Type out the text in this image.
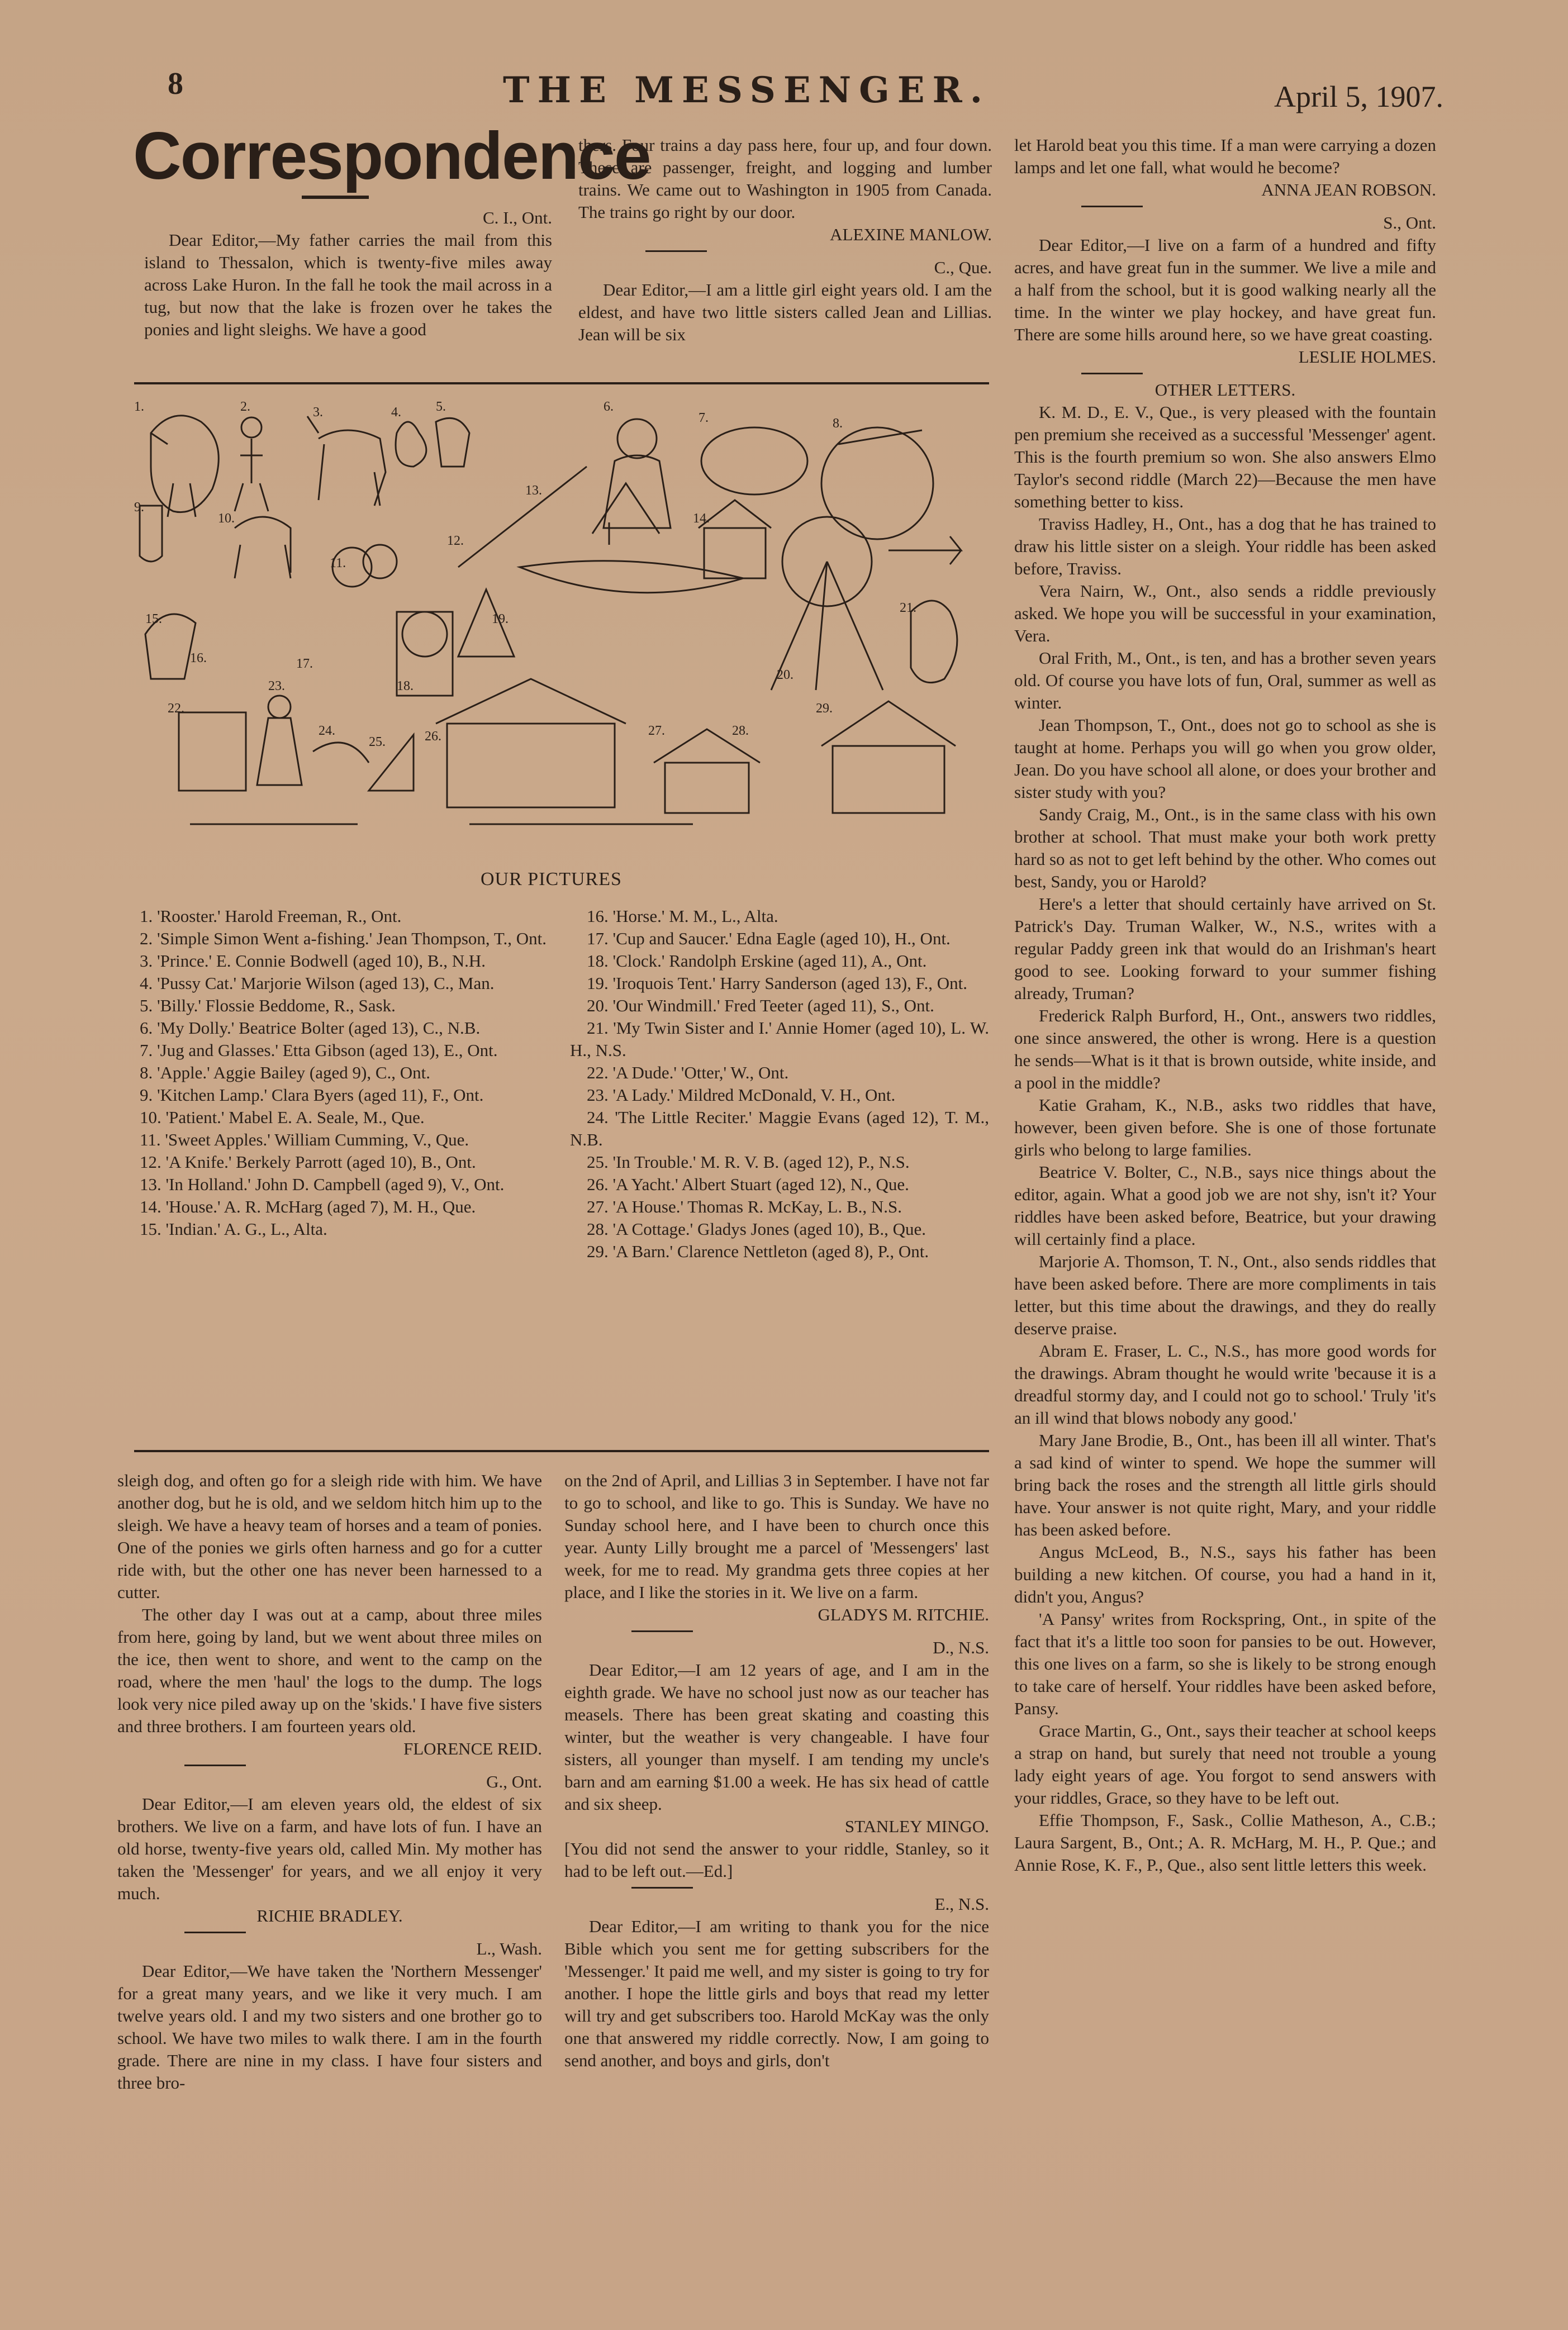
8	THE MESSENGER.	April 5, 1907.
Correspondence

C. I., Ont.

Dear Editor,—My father carries the mail from this island to Thessalon, which is twenty-five miles away across Lake Huron. In the fall he took the mail across in a tug, but now that the lake is frozen over he takes the ponies and light sleighs. We have a good

thers. Four trains a day pass here, four up, and four down. These are passenger, freight, and logging and lumber trains. We came out to Washington in 1905 from Canada. The trains go right by our door.

ALEXINE MANLOW.

C., Que.

Dear Editor,—I am a little girl eight years old. I am the eldest, and have two little sisters called Jean and Lillias. Jean will be six

let Harold beat you this time. If a man were carrying a dozen lamps and let one fall, what would he become?

ANNA JEAN ROBSON.

S., Ont.

Dear Editor,—I live on a farm of a hundred and fifty acres, and have great fun in the summer. We live a mile and a half from the school, but it is good walking nearly all the time. In the winter we play hockey, and have great fun. There are some hills around here, so we have great coasting.

LESLIE HOLMES.

OTHER LETTERS.

K. M. D., E. V., Que., is very pleased with the fountain pen premium she received as a successful 'Messenger' agent. This is the fourth premium so won. She also answers Elmo Taylor's second riddle (March 22)—Because the men have something better to kiss.

Traviss Hadley, H., Ont., has a dog that he has trained to draw his little sister on a sleigh. Your riddle has been asked before, Traviss.

Vera Nairn, W., Ont., also sends a riddle previously asked. We hope you will be successful in your examination, Vera.

Oral Frith, M., Ont., is ten, and has a brother seven years old. Of course you have lots of fun, Oral, summer as well as winter.

Jean Thompson, T., Ont., does not go to school as she is taught at home. Perhaps you will go when you grow older, Jean. Do you have school all alone, or does your brother and sister study with you?

Sandy Craig, M., Ont., is in the same class with his own brother at school. That must make your both work pretty hard so as not to get left behind by the other. Who comes out best, Sandy, you or Harold?

Here's a letter that should certainly have arrived on St. Patrick's Day. Truman Walker, W., N.S., writes with a regular Paddy green ink that would do an Irishman's heart good to see. Looking forward to your summer fishing already, Truman?

Frederick Ralph Burford, H., Ont., answers two riddles, one since answered, the other is wrong. Here is a question he sends—What is it that is brown outside, white inside, and a pool in the middle?

Katie Graham, K., N.B., asks two riddles that have, however, been given before. She is one of those fortunate girls who belong to large families.

Beatrice V. Bolter, C., N.B., says nice things about the editor, again. What a good job we are not shy, isn't it? Your riddles have been asked before, Beatrice, but your drawing will certainly find a place.

Marjorie A. Thomson, T. N., Ont., also sends riddles that have been asked before. There are more compliments in tais letter, but this time about the drawings, and they do really deserve praise.

Abram E. Fraser, L. C., N.S., has more good words for the drawings. Abram thought he would write 'because it is a dreadful stormy day, and I could not go to school.' Truly 'it's an ill wind that blows nobody any good.'

Mary Jane Brodie, B., Ont., has been ill all winter. That's a sad kind of winter to spend. We hope the summer will bring back the roses and the strength all little girls should have. Your answer is not quite right, Mary, and your riddle has been asked before.

Angus McLeod, B., N.S., says his father has been building a new kitchen. Of course, you had a hand in it, didn't you, Angus?

'A Pansy' writes from Rockspring, Ont., in spite of the fact that it's a little too soon for pansies to be out. However, this one lives on a farm, so she is likely to be strong enough to take care of herself. Your riddles have been asked before, Pansy.

Grace Martin, G., Ont., says their teacher at school keeps a strap on hand, but surely that need not trouble a young lady eight years of age. You forgot to send answers with your riddles, Grace, so they have to be left out.

Effie Thompson, F., Sask., Collie Matheson, A., C.B.; Laura Sargent, B., Ont.; A. R. McHarg, M. H., P. Que.; and Annie Rose, K. F., P., Que., also sent little letters this week.

1.	2.	3.	4.	5.	6.
7.	8.
9.
10.
11.
12.
13.
14.
15.
16.	17.
18.
19.
20.
21.
22.
23.
24.
25.	26.	27.	28.
29.
OUR PICTURES

1. 'Rooster.' Harold Freeman, R., Ont.

2. 'Simple Simon Went a-fishing.' Jean Thompson, T., Ont.

3. 'Prince.' E. Connie Bodwell (aged 10), B., N.H.

4. 'Pussy Cat.' Marjorie Wilson (aged 13), C., Man.

5. 'Billy.' Flossie Beddome, R., Sask.

6. 'My Dolly.' Beatrice Bolter (aged 13), C., N.B.

7. 'Jug and Glasses.' Etta Gibson (aged 13), E., Ont.

8. 'Apple.' Aggie Bailey (aged 9), C., Ont.

9. 'Kitchen Lamp.' Clara Byers (aged 11), F., Ont.

10. 'Patient.' Mabel E. A. Seale, M., Que.

11. 'Sweet Apples.' William Cumming, V., Que.

12. 'A Knife.' Berkely Parrott (aged 10), B., Ont.

13. 'In Holland.' John D. Campbell (aged 9), V., Ont.

14. 'House.' A. R. McHarg (aged 7), M. H., Que.

15. 'Indian.' A. G., L., Alta.

16. 'Horse.' M. M., L., Alta.

17. 'Cup and Saucer.' Edna Eagle (aged 10), H., Ont.

18. 'Clock.' Randolph Erskine (aged 11), A., Ont.

19. 'Iroquois Tent.' Harry Sanderson (aged 13), F., Ont.

20. 'Our Windmill.' Fred Teeter (aged 11), S., Ont.

21. 'My Twin Sister and I.' Annie Homer (aged 10), L. W. H., N.S.

22. 'A Dude.' 'Otter,' W., Ont.

23. 'A Lady.' Mildred McDonald, V. H., Ont.

24. 'The Little Reciter.' Maggie Evans (aged 12), T. M., N.B.

25. 'In Trouble.' M. R. V. B. (aged 12), P., N.S.

26. 'A Yacht.' Albert Stuart (aged 12), N., Que.

27. 'A House.' Thomas R. McKay, L. B., N.S.

28. 'A Cottage.' Gladys Jones (aged 10), B., Que.

29. 'A Barn.' Clarence Nettleton (aged 8), P., Ont.

sleigh dog, and often go for a sleigh ride with him. We have another dog, but he is old, and we seldom hitch him up to the sleigh. We have a heavy team of horses and a team of ponies. One of the ponies we girls often harness and go for a cutter ride with, but the other one has never been harnessed to a cutter.

The other day I was out at a camp, about three miles from here, going by land, but we went about three miles on the ice, then went to shore, and went to the camp on the road, where the men 'haul' the logs to the dump. The logs look very nice piled away up on the 'skids.' I have five sisters and three brothers. I am fourteen years old.

FLORENCE REID.

G., Ont.

Dear Editor,—I am eleven years old, the eldest of six brothers. We live on a farm, and have lots of fun. I have an old horse, twenty-five years old, called Min. My mother has taken the 'Messenger' for years, and we all enjoy it very much.

RICHIE BRADLEY.

L., Wash.

Dear Editor,—We have taken the 'Northern Messenger' for a great many years, and we like it very much. I am twelve years old. I and my two sisters and one brother go to school. We have two miles to walk there. I am in the fourth grade. There are nine in my class. I have four sisters and three bro-

on the 2nd of April, and Lillias 3 in September. I have not far to go to school, and like to go. This is Sunday. We have no Sunday school here, and I have been to church once this year. Aunty Lilly brought me a parcel of 'Messengers' last week, for me to read. My grandma gets three copies at her place, and I like the stories in it. We live on a farm.

GLADYS M. RITCHIE.

D., N.S.

Dear Editor,—I am 12 years of age, and I am in the eighth grade. We have no school just now as our teacher has measels. There has been great skating and coasting this winter, but the weather is very changeable. I have four sisters, all younger than myself. I am tending my uncle's barn and am earning $1.00 a week. He has six head of cattle and six sheep.

STANLEY MINGO.

[You did not send the answer to your riddle, Stanley, so it had to be left out.—Ed.]

E., N.S.

Dear Editor,—I am writing to thank you for the nice Bible which you sent me for getting subscribers for the 'Messenger.' It paid me well, and my sister is going to try for another. I hope the little girls and boys that read my letter will try and get subscribers too. Harold McKay was the only one that answered my riddle correctly. Now, I am going to send another, and boys and girls, don't
